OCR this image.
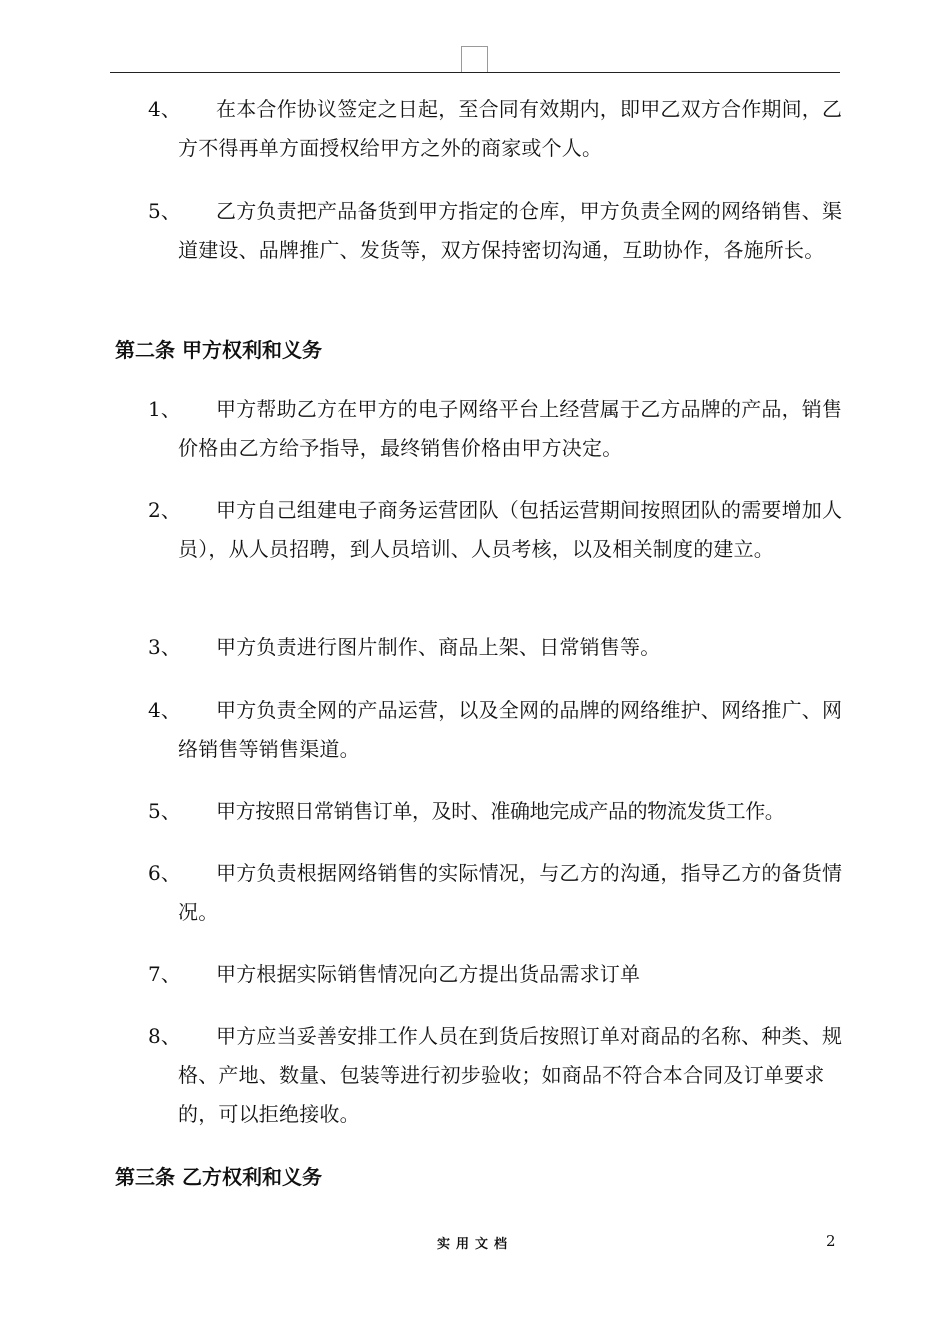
4、	在本合作协议签定之日起，至合同有效期内，即甲乙双方合作期间，乙方不得再单方面授权给甲方之外的商家或个人。
5、	乙方负责把产品备货到甲方指定的仓库，甲方负责全网的网络销售、渠道建设、品牌推广、发货等，双方保持密切沟通，互助协作，各施所长。
第二条 甲方权利和义务
1、	甲方帮助乙方在甲方的电子网络平台上经营属于乙方品牌的产品，销售价格由乙方给予指导，最终销售价格由甲方决定。
2、	甲方自己组建电子商务运营团队（包括运营期间按照团队的需要增加人员），从人员招聘，到人员培训、人员考核，以及相关制度的建立。
3、	甲方负责进行图片制作、商品上架、日常销售等。
4、	甲方负责全网的产品运营，以及全网的品牌的网络维护、网络推广、网络销售等销售渠道。
5、	甲方按照日常销售订单，及时、准确地完成产品的物流发货工作。
6、	甲方负责根据网络销售的实际情况，与乙方的沟通，指导乙方的备货情况。
7、	甲方根据实际销售情况向乙方提出货品需求订单
8、	甲方应当妥善安排工作人员在到货后按照订单对商品的名称、种类、规格、产地、数量、包装等进行初步验收；如商品不符合本合同及订单要求的，可以拒绝接收。
第三条 乙方权利和义务
实用文档	2
